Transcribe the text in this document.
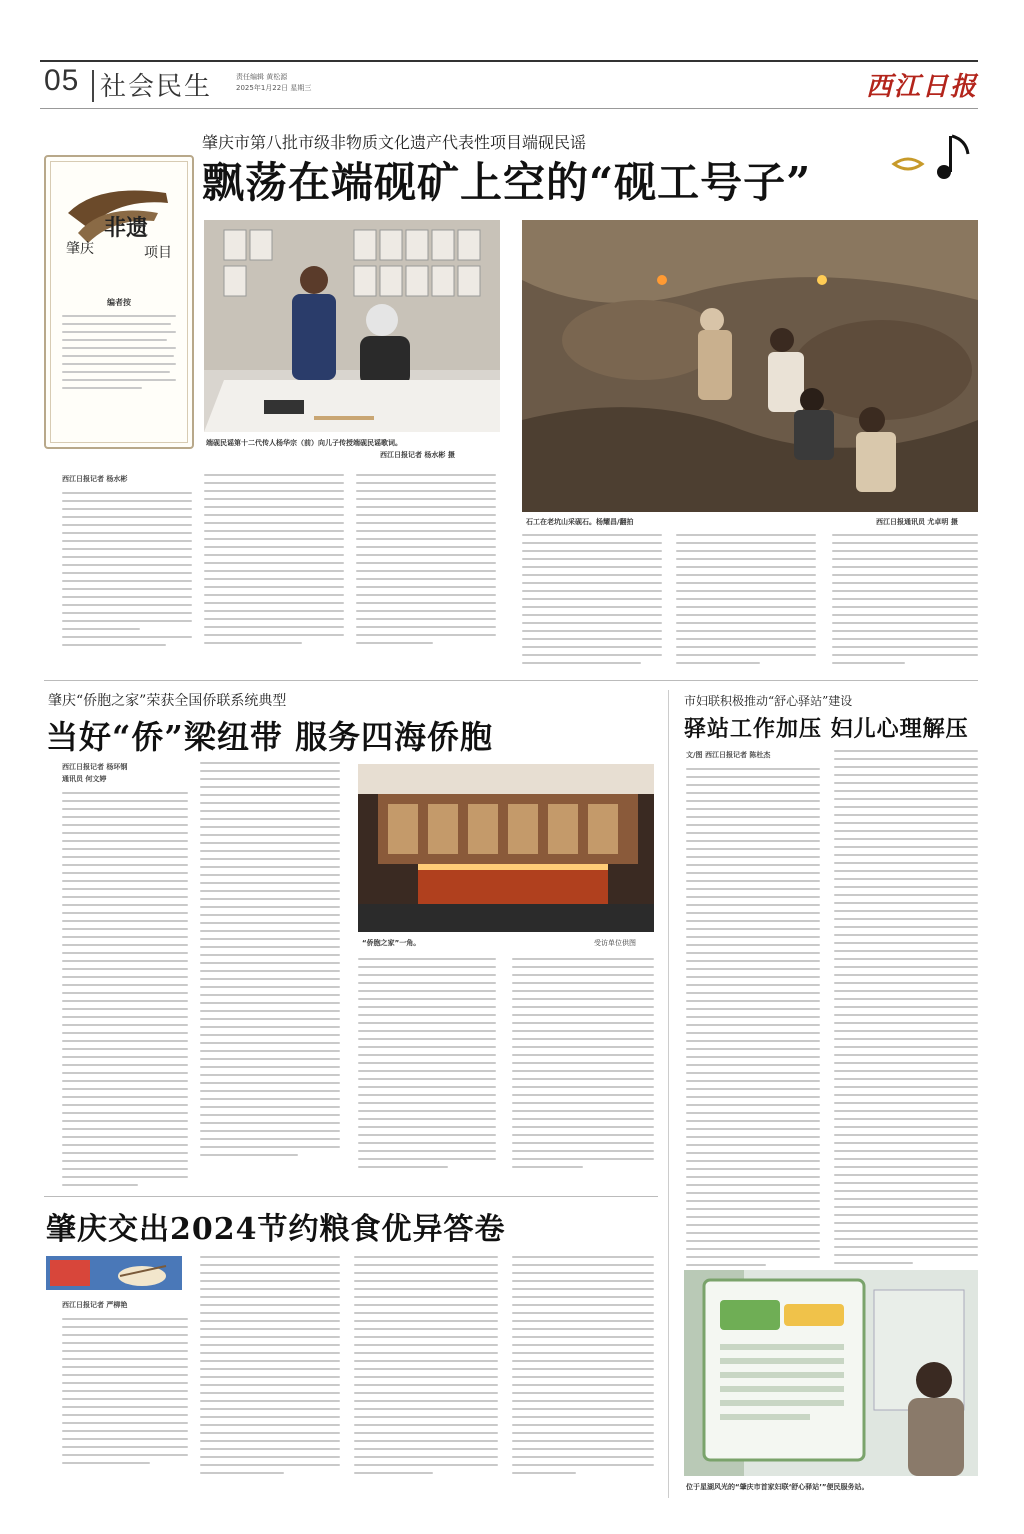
05 社会民生	责任编辑 黄松源
2025年1月22日 星期三	西江日报
非遗
肇庆	项目
编者按
肇庆市第八批市级非物质文化遗产代表性项目端砚民谣
飘荡在端砚矿上空的“砚工号子”
端砚民谣第十二代传人杨华宗（前）向儿子传授端砚民谣歌词。
西江日报记者 杨水彬 摄
石工在老坑山采砚石。杨耀昌/翻拍	西江日报通讯员 尤卓明 摄
西江日报记者 杨水彬
肇庆“侨胞之家”荣获全国侨联系统典型
当好“侨”梁纽带 服务四海侨胞
西江日报记者 杨环钢
通讯员 何文婷
“侨胞之家”一角。	受访单位供图
市妇联积极推动“舒心驿站”建设
驿站工作加压 妇儿心理解压
文/图 西江日报记者 陈杜杰
位于星湖风光的“肇庆市首家妇联‘舒心驿站’”便民服务站。
肇庆交出2024节约粮食优异答卷
西江日报记者 严柳艳
